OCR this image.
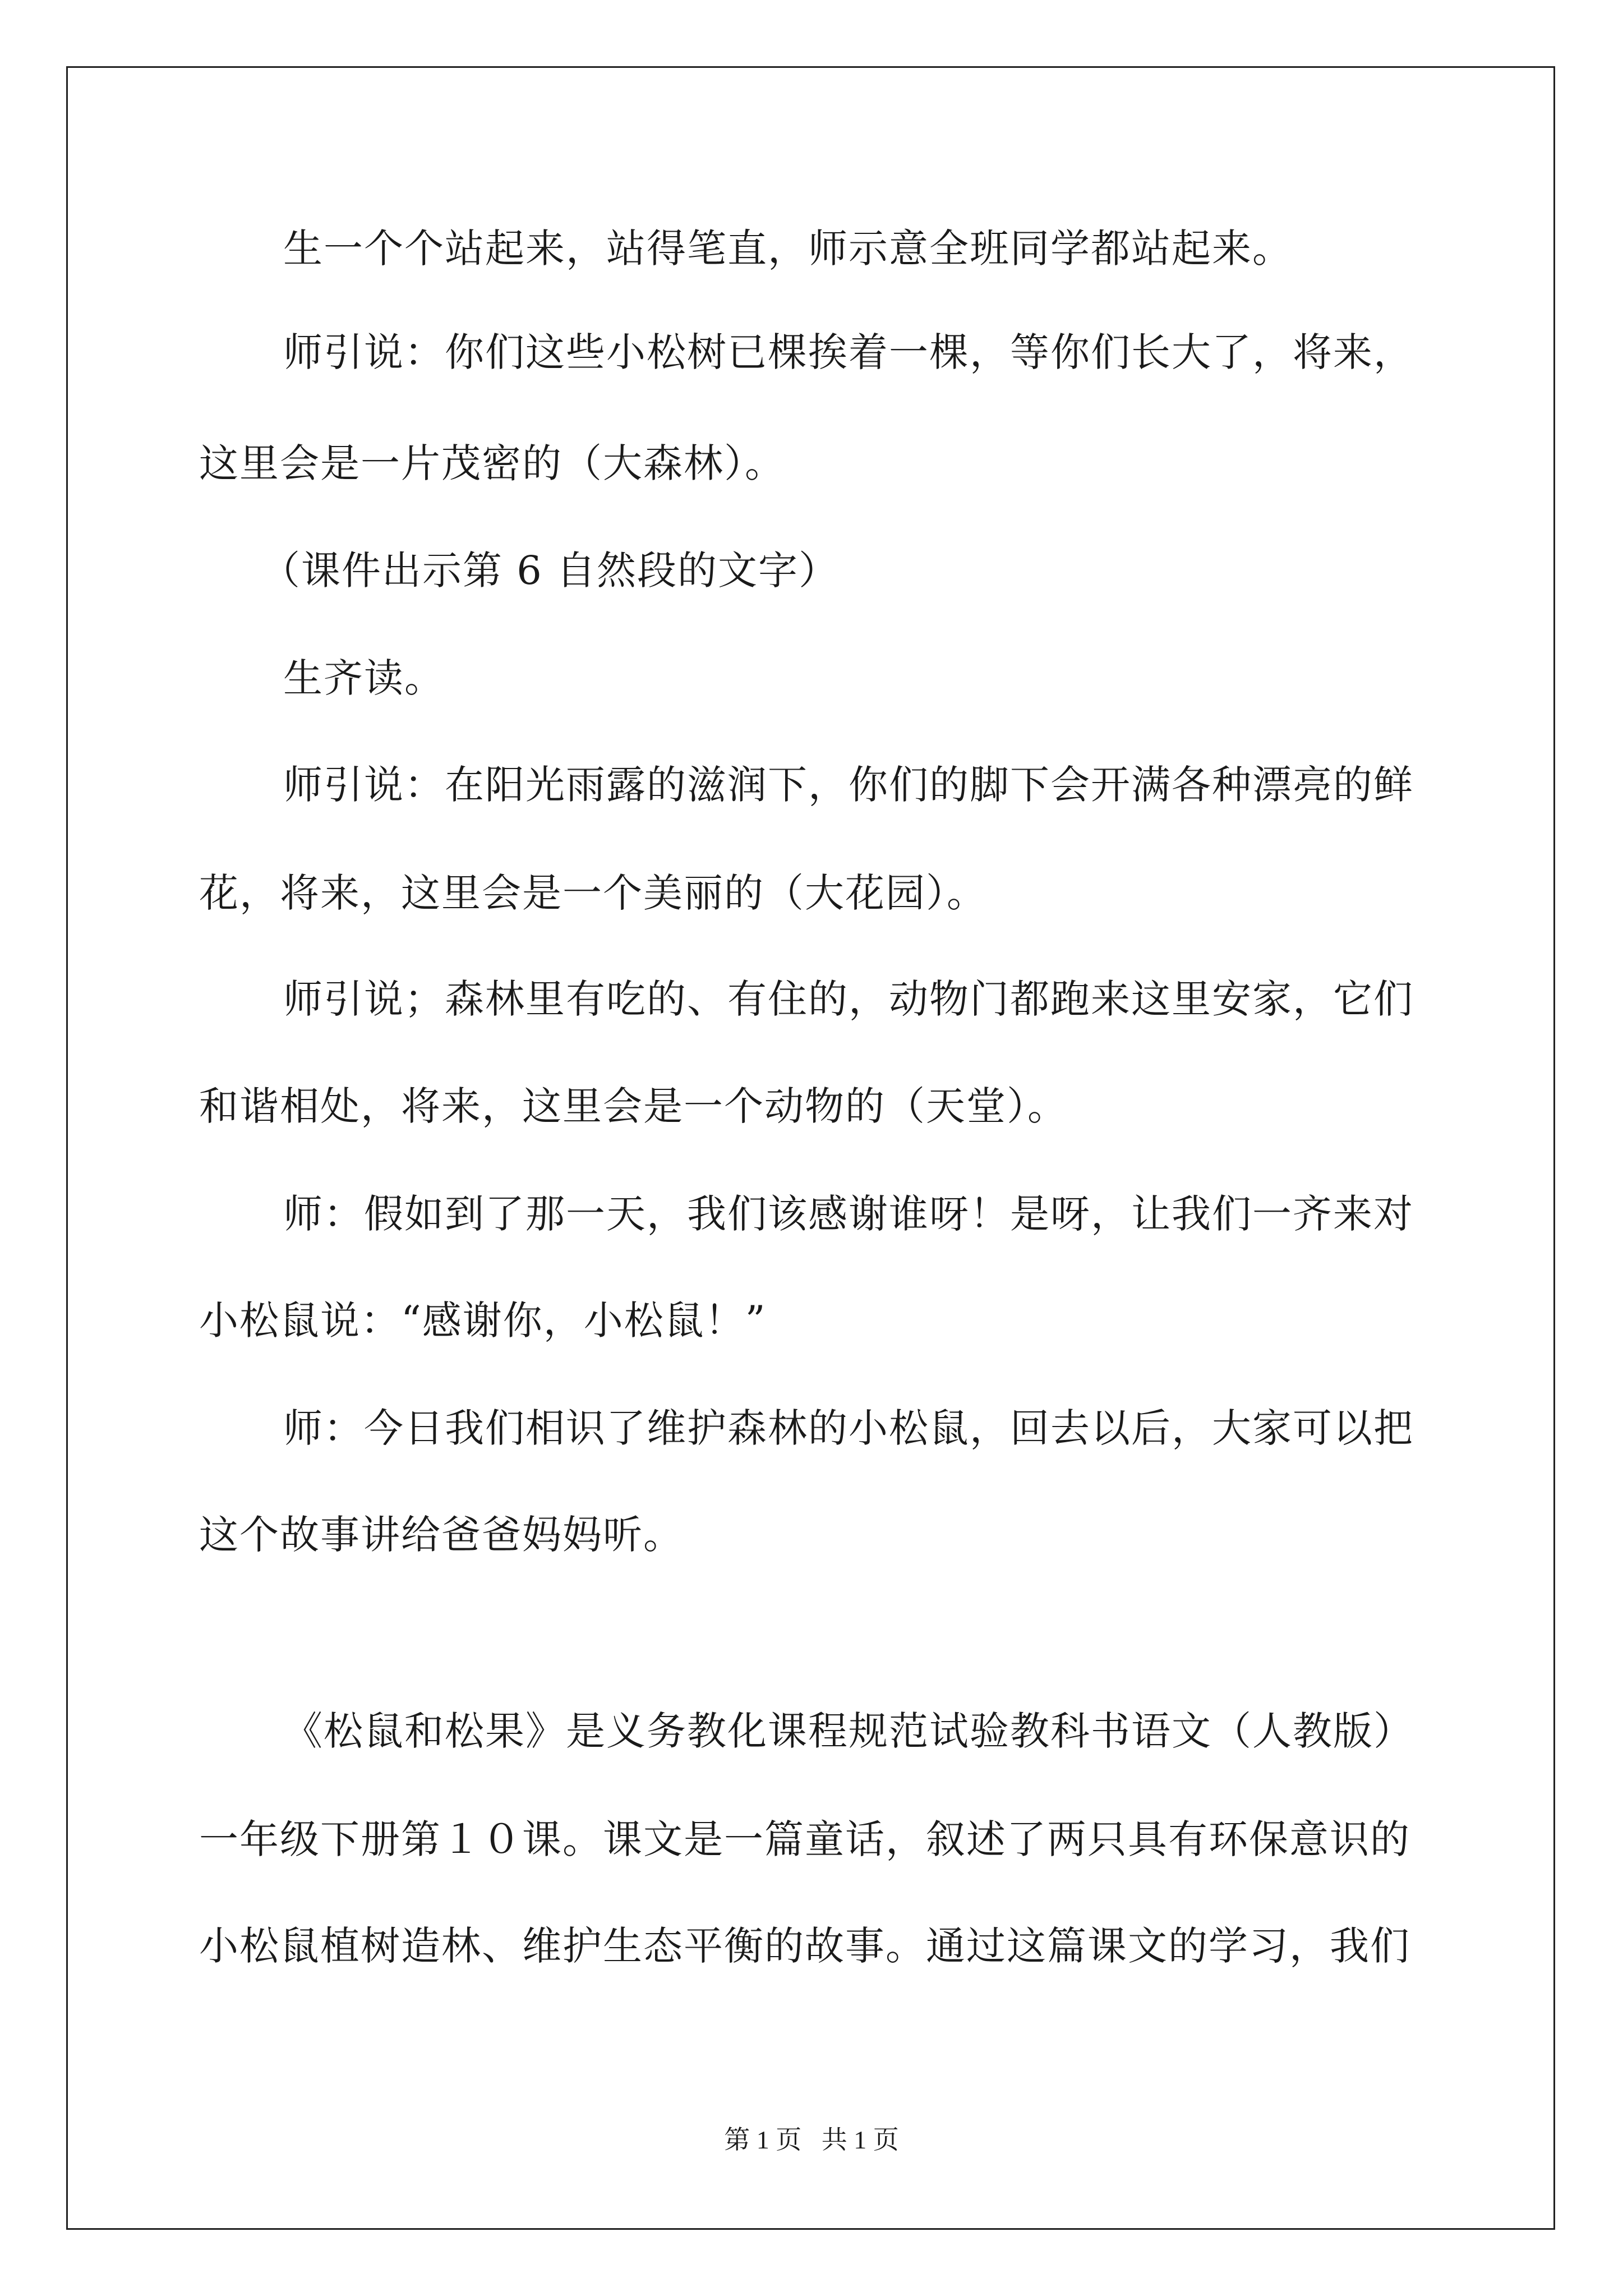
生一个个站起来，站得笔直，师示意全班同学都站起来。
师引说：你们这些小松树已棵挨着一棵，等你们长大了，将来，
这里会是一片茂密的（大森林）。
（课件出示第 6 自然段的文字）
生齐读。
师引说：在阳光雨露的滋润下，你们的脚下会开满各种漂亮的鲜
花，将来，这里会是一个美丽的（大花园）。
师引说；森林里有吃的、有住的，动物门都跑来这里安家，它们
和谐相处，将来，这里会是一个动物的（天堂）。
师：假如到了那一天，我们该感谢谁呀！是呀，让我们一齐来对
小松鼠说：“感谢你，小松鼠！”
师：今日我们相识了维护森林的小松鼠，回去以后，大家可以把
这个故事讲给爸爸妈妈听。
《松鼠和松果》是义务教化课程规范试验教科书语文（人教版）
一年级下册第１０课。课文是一篇童话，叙述了两只具有环保意识的
小松鼠植树造林、维护生态平衡的故事。通过这篇课文的学习，我们
第 1 页 共 1 页
